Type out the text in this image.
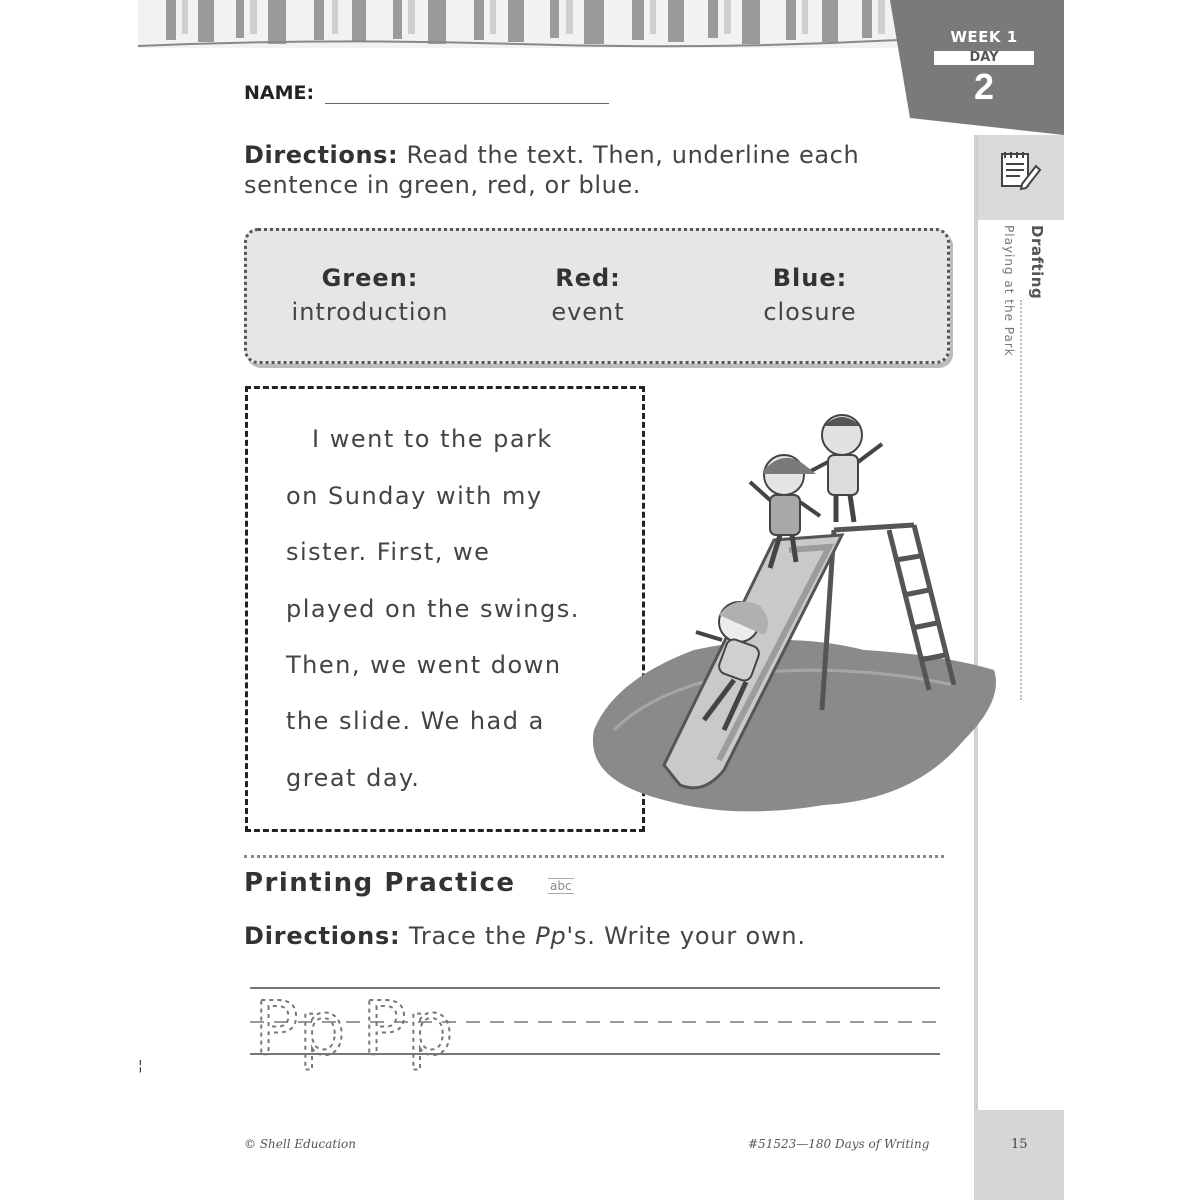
WEEK 1
DAY
2
Drafting
Playing at the Park
NAME:
Directions: Read the text. Then, underline each sentence in green, red, or blue.
Green:
introduction
Red:
event
Blue:
closure
I went to the park
on Sunday with my
sister. First, we
played on the swings.
Then, we went down
the slide. We had a
great day.
Printing Practice	abc
Directions: Trace the Pp's. Write your own.
Pp Pp
¦
© Shell Education	#51523—180 Days of Writing	15
